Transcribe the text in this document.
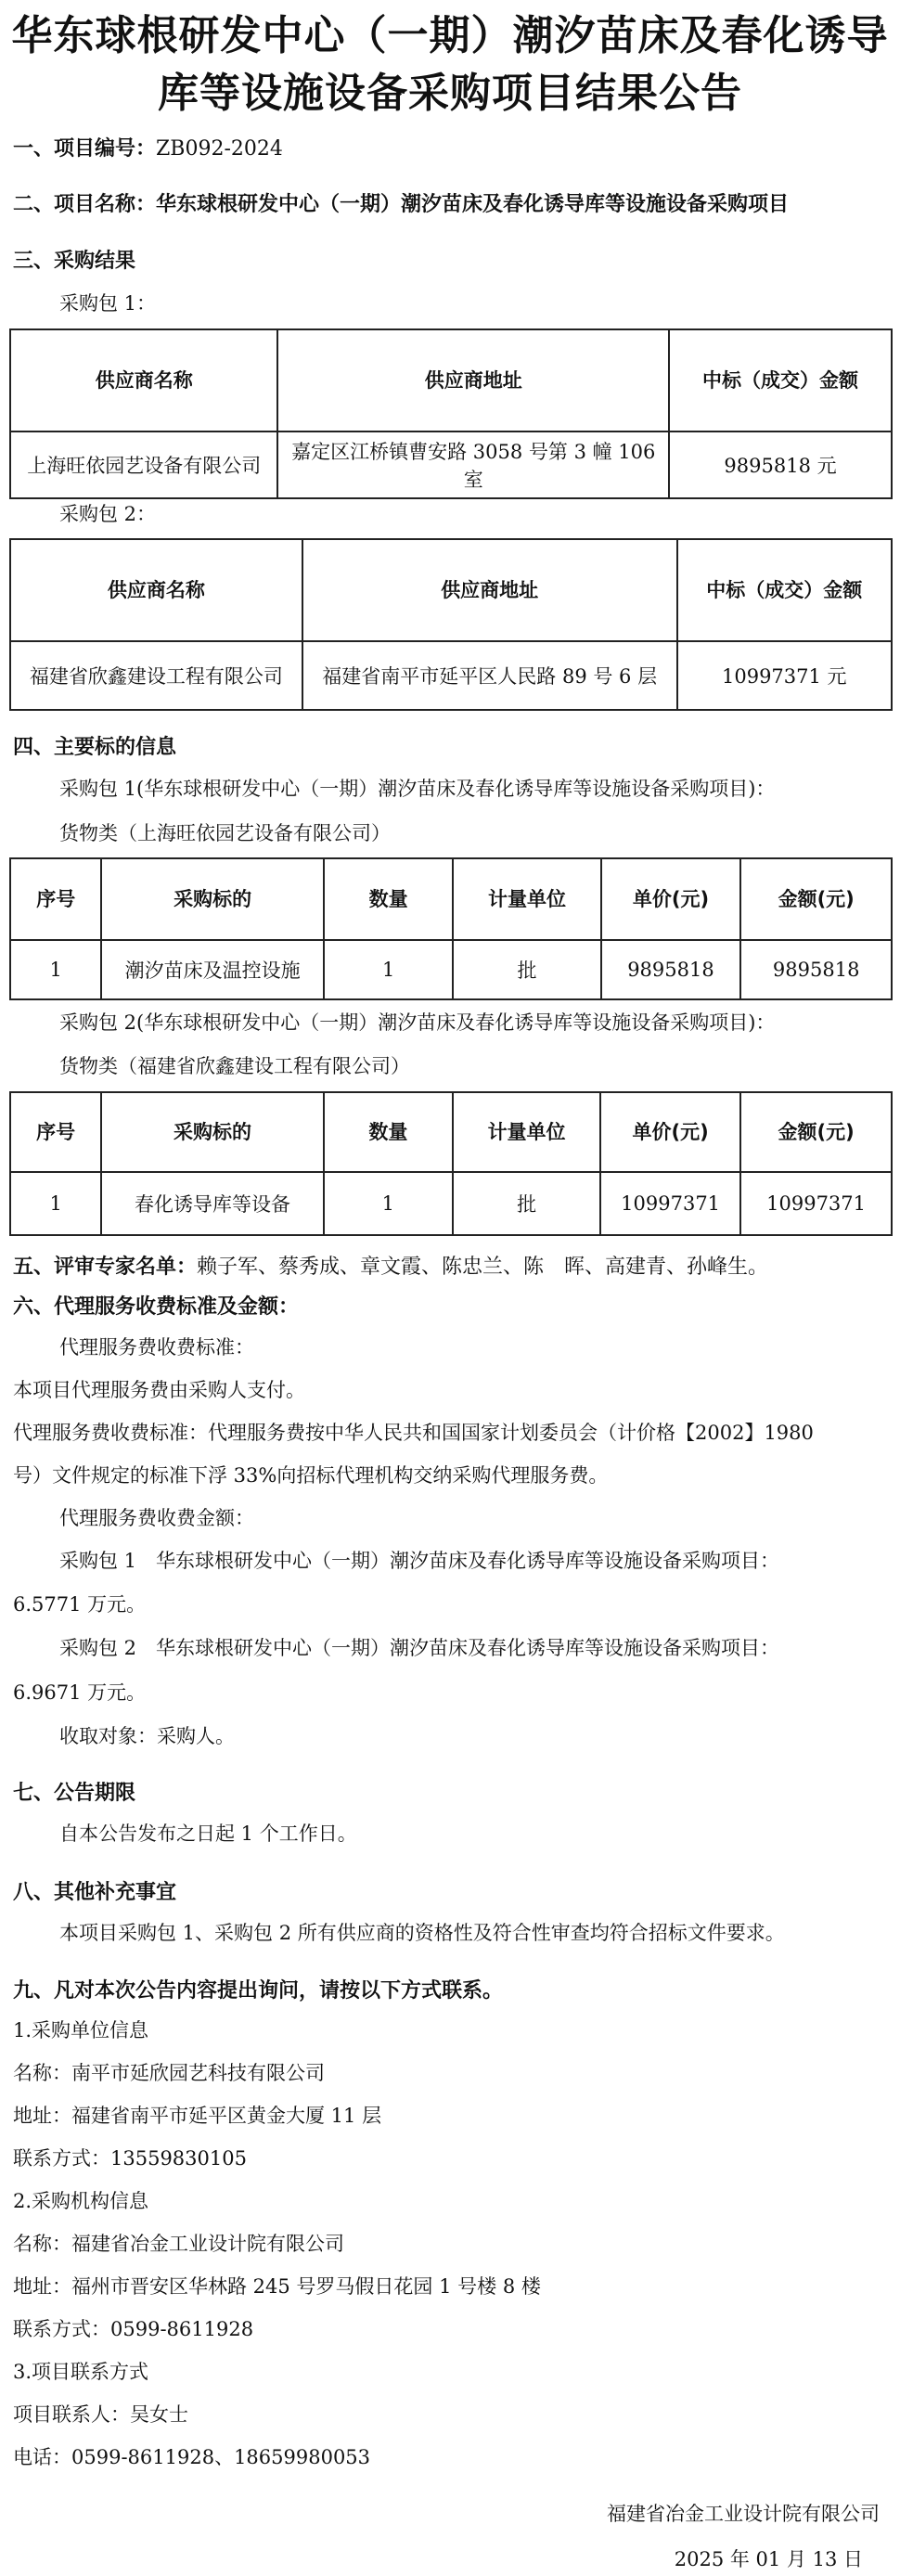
华东球根研发中心（一期）潮汐苗床及春化诱导
库等设施设备采购项目结果公告
一、项目编号：ZB092-2024
二、项目名称：华东球根研发中心（一期）潮汐苗床及春化诱导库等设施设备采购项目
三、采购结果
采购包 1：
供应商名称	供应商地址	中标（成交）金额
上海旺依园艺设备有限公司	嘉定区江桥镇曹安路 3058 号第 3 幢 106 室	9895818 元
采购包 2：
供应商名称	供应商地址	中标（成交）金额
福建省欣鑫建设工程有限公司	福建省南平市延平区人民路 89 号 6 层	10997371 元
四、主要标的信息
采购包 1(华东球根研发中心（一期）潮汐苗床及春化诱导库等设施设备采购项目)：
货物类（上海旺依园艺设备有限公司）
序号	采购标的	数量	计量单位	单价(元)	金额(元)
1	潮汐苗床及温控设施	1	批	9895818	9895818
采购包 2(华东球根研发中心（一期）潮汐苗床及春化诱导库等设施设备采购项目)：
货物类（福建省欣鑫建设工程有限公司）
序号	采购标的	数量	计量单位	单价(元)	金额(元)
1	春化诱导库等设备	1	批	10997371	10997371
五、评审专家名单：赖子军、蔡秀成、章文霞、陈忠兰、陈　晖、高建青、孙峰生。
六、代理服务收费标准及金额：
代理服务费收费标准：
本项目代理服务费由采购人支付。
代理服务费收费标准：代理服务费按中华人民共和国国家计划委员会（计价格【2002】1980
号）文件规定的标准下浮 33%向招标代理机构交纳采购代理服务费。
代理服务费收费金额：
采购包 1　华东球根研发中心（一期）潮汐苗床及春化诱导库等设施设备采购项目：
6.5771 万元。
采购包 2　华东球根研发中心（一期）潮汐苗床及春化诱导库等设施设备采购项目：
6.9671 万元。
收取对象：采购人。
七、公告期限
自本公告发布之日起 1 个工作日。
八、其他补充事宜
本项目采购包 1、采购包 2 所有供应商的资格性及符合性审查均符合招标文件要求。
九、凡对本次公告内容提出询问，请按以下方式联系。
1.采购单位信息
名称：南平市延欣园艺科技有限公司
地址：福建省南平市延平区黄金大厦 11 层
联系方式：13559830105
2.采购机构信息
名称：福建省冶金工业设计院有限公司
地址：福州市晋安区华林路 245 号罗马假日花园 1 号楼 8 楼
联系方式：0599-8611928
3.项目联系方式
项目联系人：吴女士
电话：0599-8611928、18659980053
福建省冶金工业设计院有限公司
2025 年 01 月 13 日
